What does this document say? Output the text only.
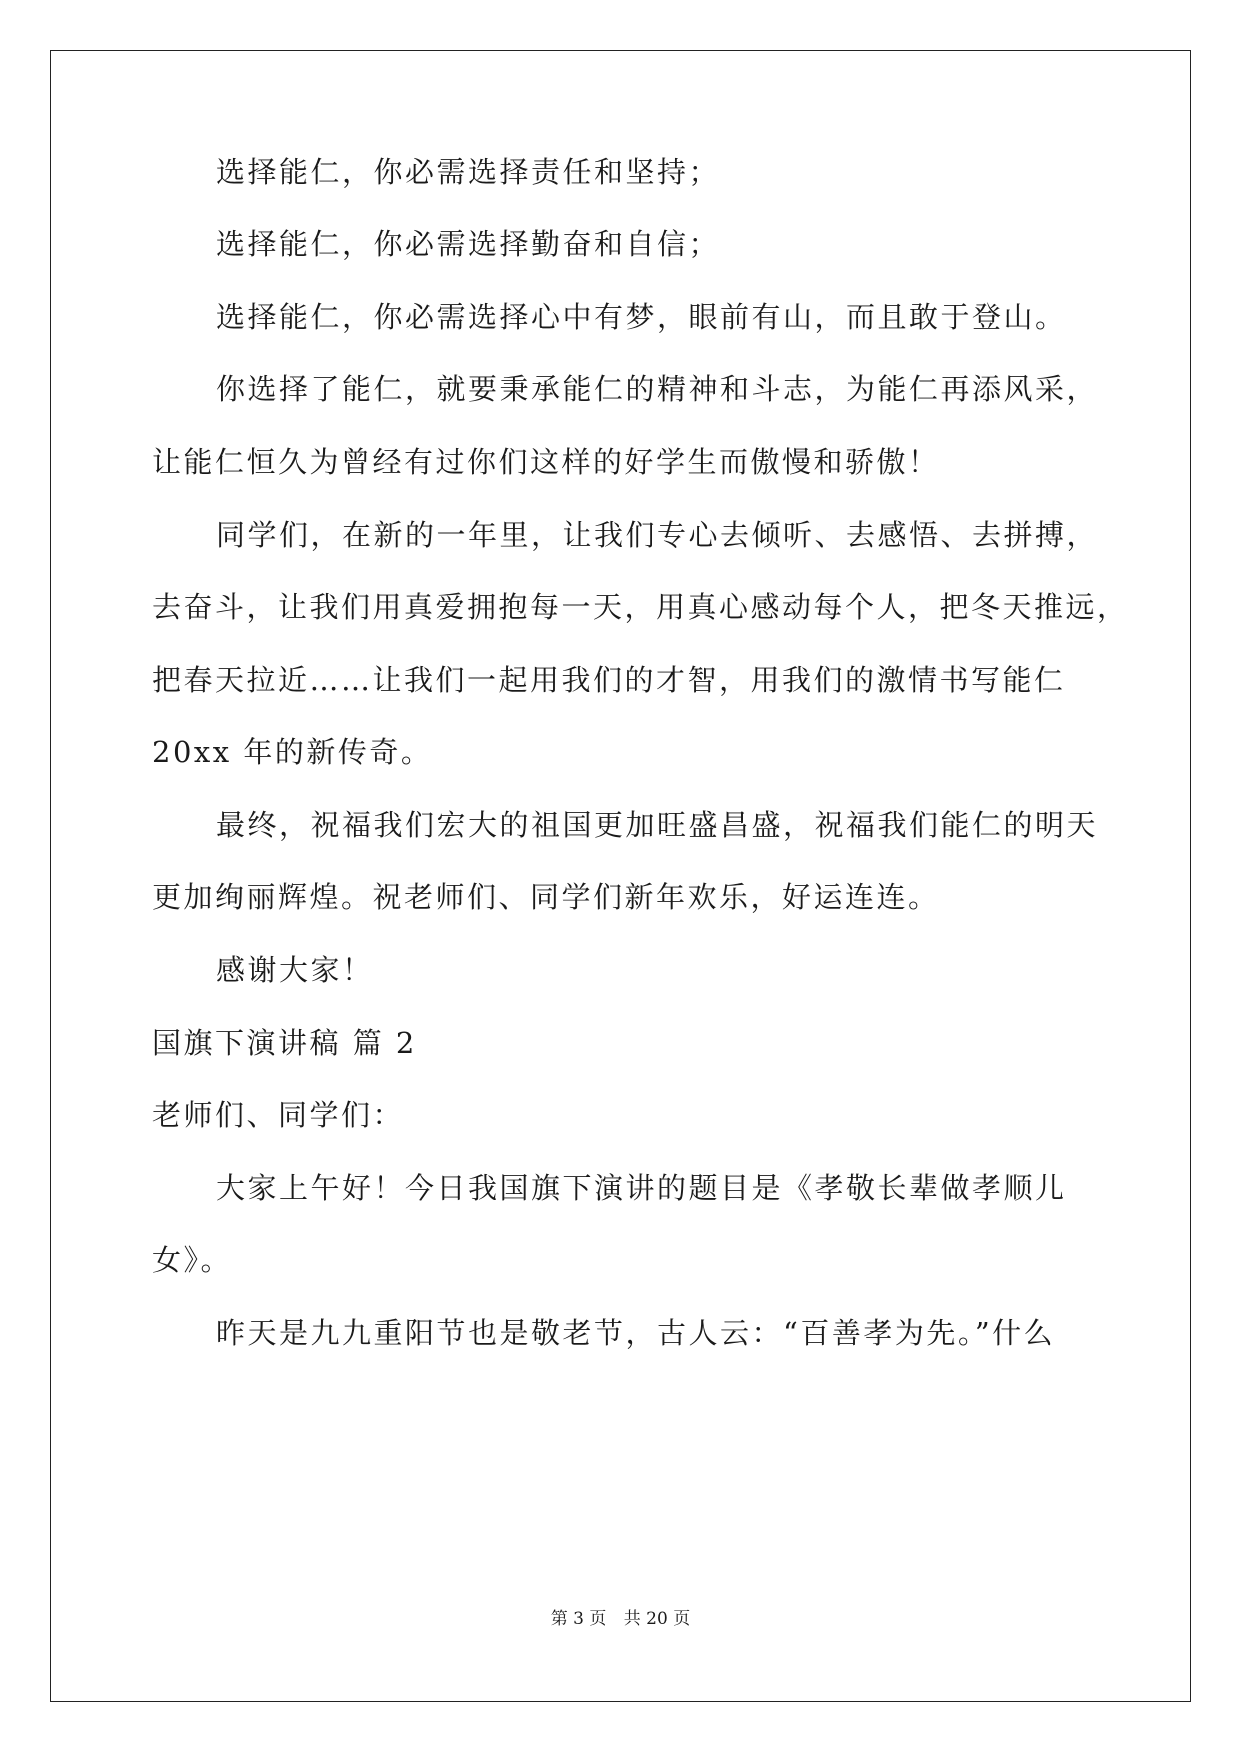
选择能仁，你必需选择责任和坚持；
选择能仁，你必需选择勤奋和自信；
选择能仁，你必需选择心中有梦，眼前有山，而且敢于登山。
你选择了能仁，就要秉承能仁的精神和斗志，为能仁再添风采，
让能仁恒久为曾经有过你们这样的好学生而傲慢和骄傲！
同学们，在新的一年里，让我们专心去倾听、去感悟、去拼搏，
去奋斗，让我们用真爱拥抱每一天，用真心感动每个人，把冬天推远，
把春天拉近……让我们一起用我们的才智，用我们的激情书写能仁
20xx 年的新传奇。
最终，祝福我们宏大的祖国更加旺盛昌盛，祝福我们能仁的明天
更加绚丽辉煌。祝老师们、同学们新年欢乐，好运连连。
感谢大家！
国旗下演讲稿 篇 2
老师们、同学们：
大家上午好！今日我国旗下演讲的题目是《孝敬长辈做孝顺儿
女》。
昨天是九九重阳节也是敬老节，古人云：“百善孝为先。”什么
第 3 页 共 20 页
